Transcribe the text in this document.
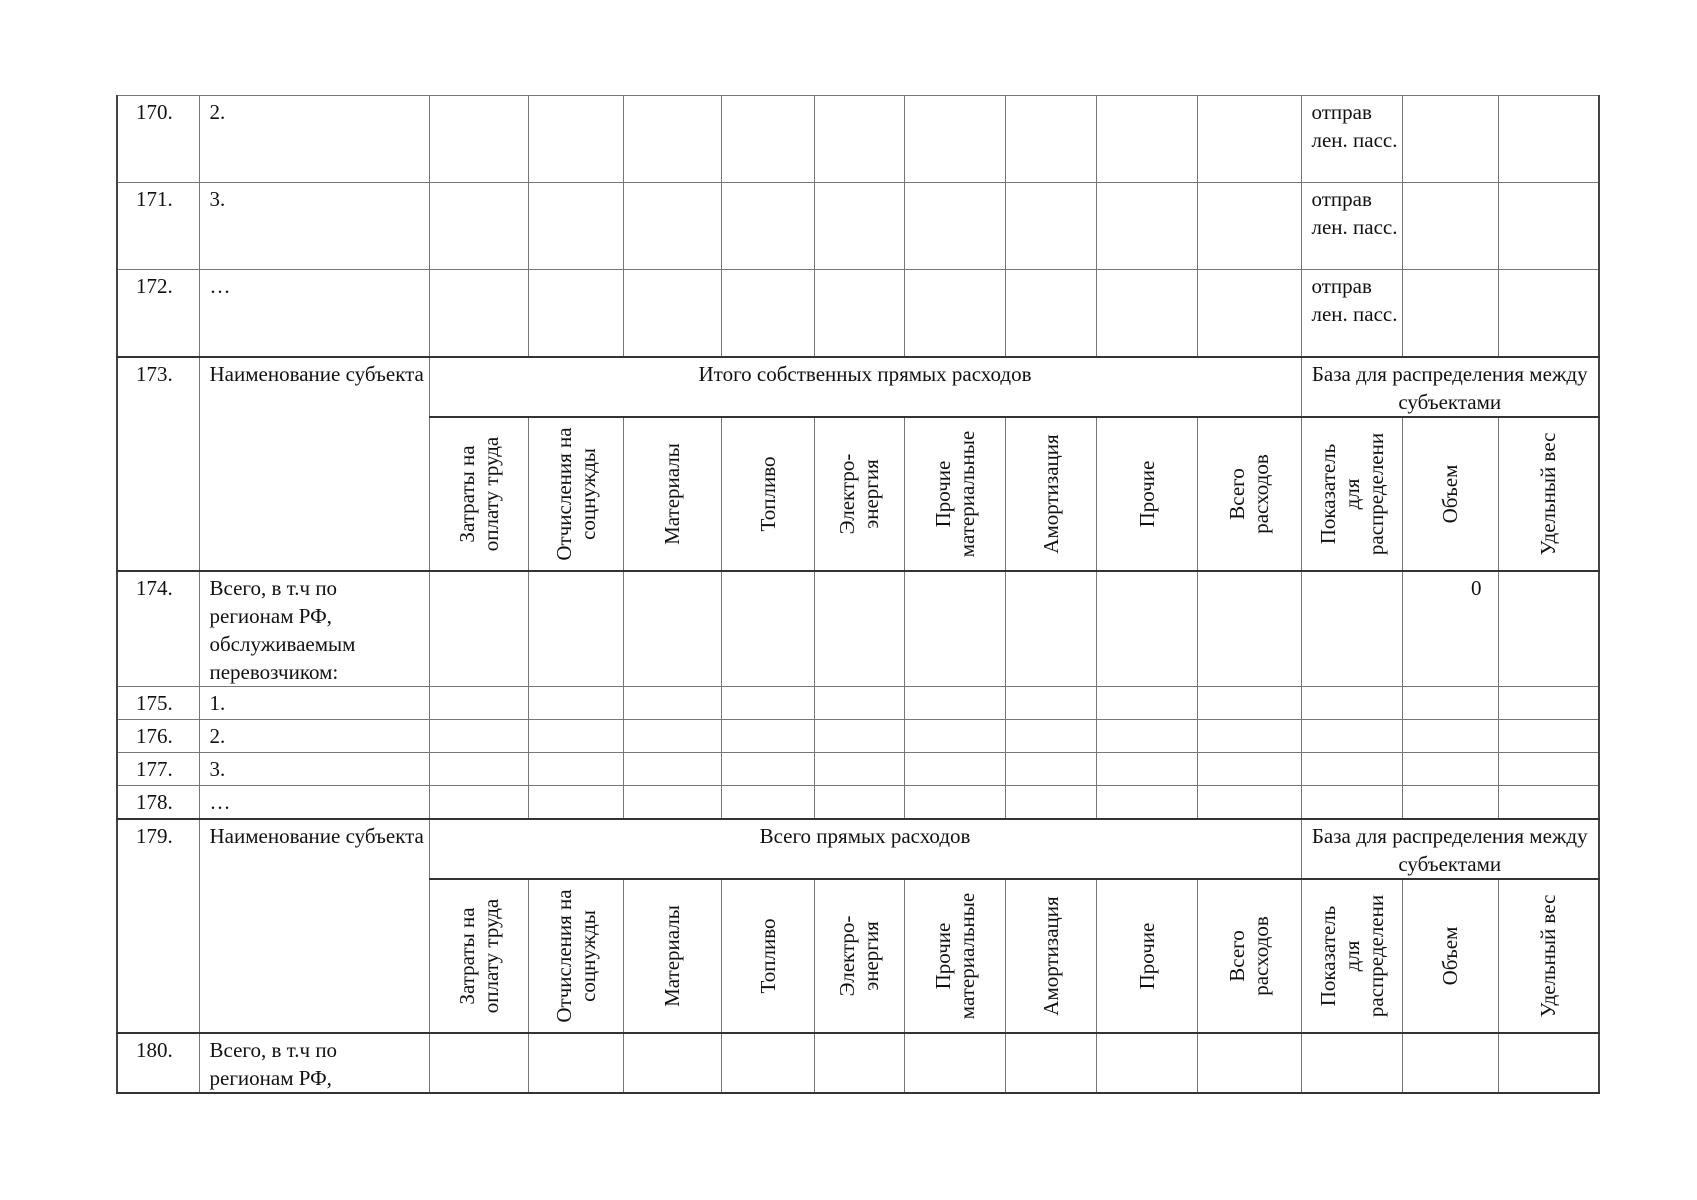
170.	2.										отправ лен. пасс.		
171.	3.										отправ лен. пасс.		
172.	…										отправ лен. пасс.		
173.	Наименование субъекта	Итого собственных прямых расходов									База для распределения между субъектами		

		Затраты на оплату труда	Отчисления на соцнужды	Материалы	Топливо	Электро-энергия	Прочие материальные	Амортизация	Прочие	Всего расходов	Показатель для распределени	Объем	Удельный вес

174.	Всего, в т.ч по регионам РФ, обслуживаемым перевозчиком:											0	
175.	1.												
176.	2.												
177.	3.												
178.	…												
179.	Наименование субъекта	Всего прямых расходов									База для распределения между субъектами		

		Затраты на оплату труда	Отчисления на соцнужды	Материалы	Топливо	Электро-энергия	Прочие материальные	Амортизация	Прочие	Всего расходов	Показатель для распределени	Объем	Удельный вес

180.	Всего, в т.ч по регионам РФ,												
